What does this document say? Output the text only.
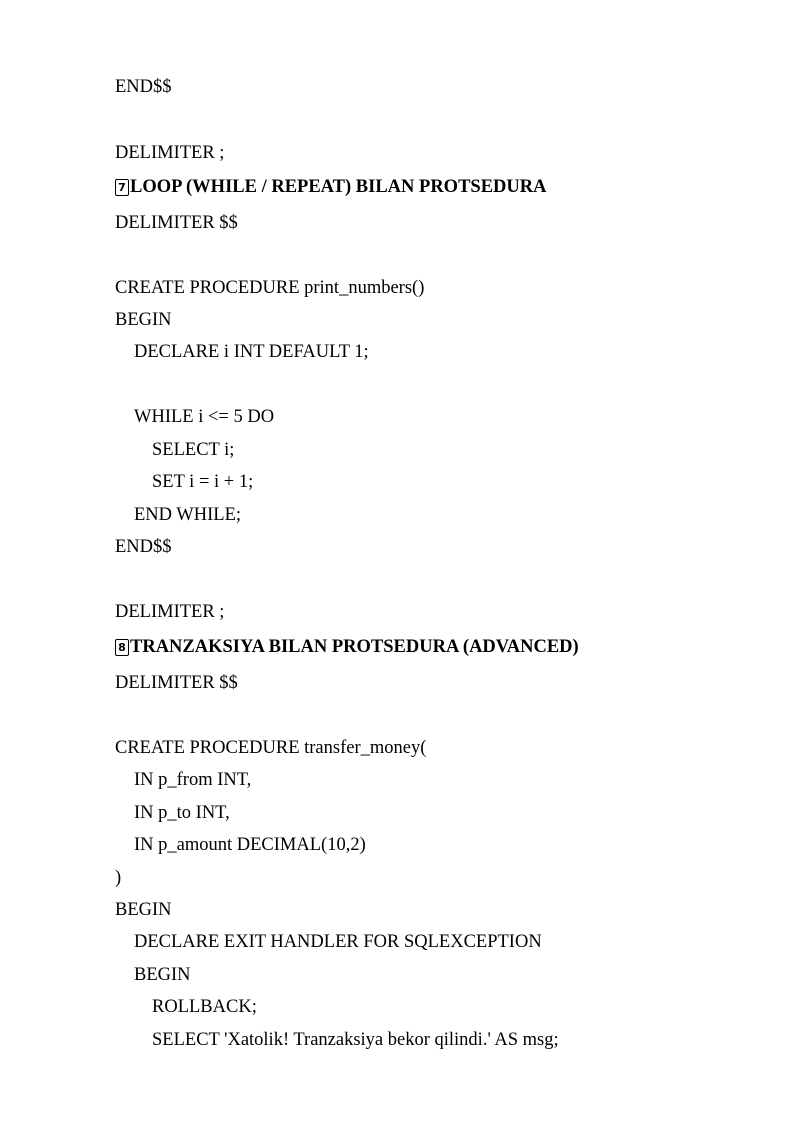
END$$
DELIMITER ;
7 LOOP (WHILE / REPEAT) BILAN PROTSEDURA
DELIMITER $$
CREATE PROCEDURE print_numbers()
BEGIN
DECLARE i INT DEFAULT 1;
WHILE i <= 5 DO
SELECT i;
SET i = i + 1;
END WHILE;
END$$
DELIMITER ;
8 TRANZAKSIYA BILAN PROTSEDURA (ADVANCED)
DELIMITER $$
CREATE PROCEDURE transfer_money(
IN p_from INT,
IN p_to INT,
IN p_amount DECIMAL(10,2)
)
BEGIN
DECLARE EXIT HANDLER FOR SQLEXCEPTION
BEGIN
ROLLBACK;
SELECT 'Xatolik! Tranzaksiya bekor qilindi.' AS msg;
